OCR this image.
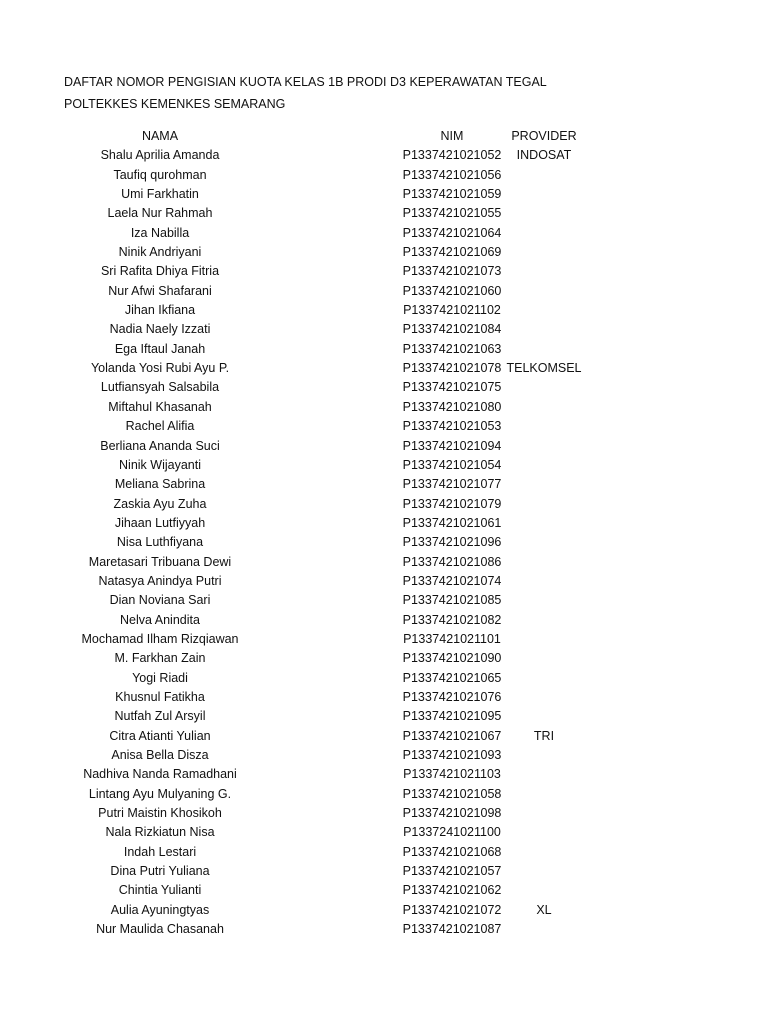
DAFTAR NOMOR PENGISIAN KUOTA KELAS 1B PRODI D3 KEPERAWATAN TEGAL
POLTEKKES KEMENKES SEMARANG
NAMA	NIM	PROVIDER
Shalu Aprilia Amanda	P1337421021052	INDOSAT
Taufiq qurohman	P1337421021056
Umi Farkhatin	P1337421021059
Laela Nur Rahmah	P1337421021055
Iza Nabilla	P1337421021064
Ninik Andriyani	P1337421021069
Sri Rafita Dhiya Fitria	P1337421021073
Nur Afwi Shafarani	P1337421021060
Jihan Ikfiana	P1337421021102
Nadia Naely Izzati	P1337421021084
Ega Iftaul Janah	P1337421021063
Yolanda Yosi Rubi Ayu P.	P1337421021078 TELKOMSEL
Lutfiansyah Salsabila	P1337421021075
Miftahul Khasanah	P1337421021080
Rachel Alifia	P1337421021053
Berliana Ananda Suci	P1337421021094
Ninik Wijayanti	P1337421021054
Meliana Sabrina	P1337421021077
Zaskia Ayu Zuha	P1337421021079
Jihaan Lutfiyyah	P1337421021061
Nisa Luthfiyana	P1337421021096
Maretasari Tribuana Dewi	P1337421021086
Natasya Anindya Putri	P1337421021074
Dian Noviana Sari	P1337421021085
Nelva Anindita	P1337421021082
Mochamad Ilham Rizqiawan	P1337421021101
M. Farkhan Zain	P1337421021090
Yogi Riadi	P1337421021065
Khusnul Fatikha	P1337421021076
Nutfah Zul Arsyil	P1337421021095
Citra Atianti Yulian	P1337421021067	TRI
Anisa Bella Disza	P1337421021093
Nadhiva Nanda Ramadhani	P1337421021103
Lintang Ayu Mulyaning G.	P1337421021058
Putri Maistin Khosikoh	P1337421021098
Nala Rizkiatun Nisa	P1337241021100
Indah Lestari	P1337421021068
Dina Putri Yuliana	P1337421021057
Chintia Yulianti	P1337421021062
Aulia Ayuningtyas	P1337421021072	XL
Nur Maulida Chasanah	P1337421021087
